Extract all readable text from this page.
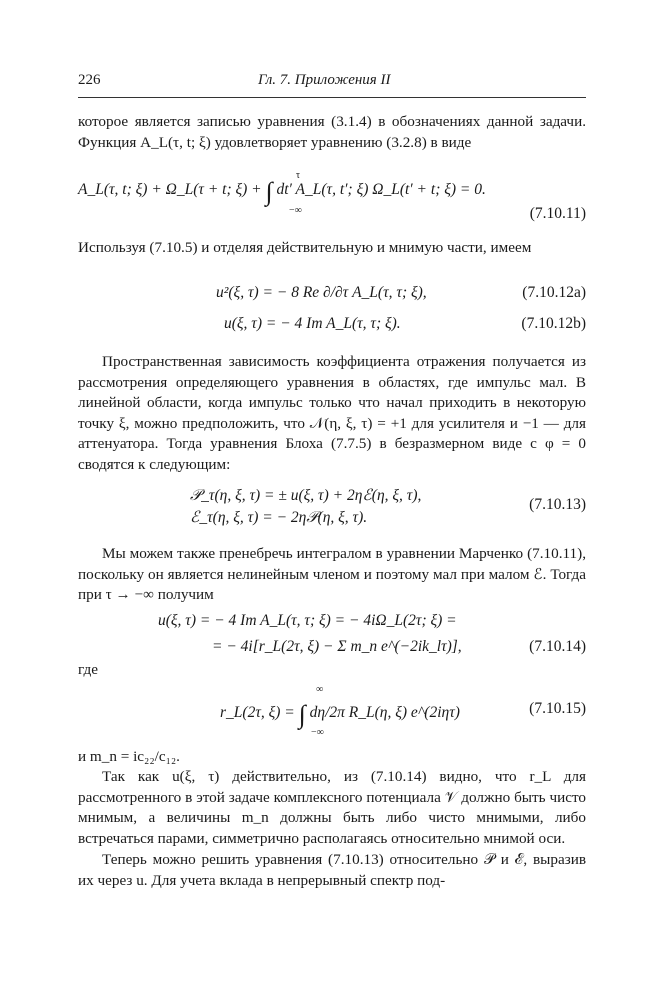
226	Гл. 7. Приложения II

которое является записью уравнения (3.1.4) в обозначениях данной задачи. Функция A_L(τ, t; ξ) удовлетворяет уравнению (3.2.8) в виде

A_L(τ, t; ξ) + Ω_L(τ + t; ξ) + ∫ dt′ A_L(τ, t′; ξ) Ω_L(t′ + t; ξ) = 0.
τ
−∞	(7.10.11)

Используя (7.10.5) и отделяя действительную и мнимую части, имеем

u²(ξ, τ) = − 8 Re ∂/∂τ A_L(τ, τ; ξ),	(7.10.12a)
u(ξ, τ) = − 4 Im A_L(τ, τ; ξ).	(7.10.12b)

Пространственная зависимость коэффициента отражения получается из рассмотрения определяющего уравнения в областях, где импульс мал. В линейной области, когда импульс только что начал приходить в некоторую точку ξ, можно предположить, что 𝒩(η, ξ, τ) = +1 для усилителя и −1 — для аттенуатора. Тогда уравнения Блоха (7.7.5) в безразмерном виде с φ = 0 сводятся к следующим:

𝒫_τ(η, ξ, τ) = ± u(ξ, τ) + 2ηℰ(η, ξ, τ),
ℰ_τ(η, ξ, τ) = − 2η𝒫(η, ξ, τ).
(7.10.13)

Мы можем также пренебречь интегралом в уравнении Марченко (7.10.11), поскольку он является нелинейным членом и поэтому мал при малом ℰ. Тогда при τ → −∞ получим

u(ξ, τ) = − 4 Im A_L(τ, τ; ξ) = − 4iΩ_L(2τ; ξ) =
= − 4i[r_L(2τ, ξ) − Σ m_n e^(−2ik_lτ)],	(7.10.14)

где

r_L(2τ, ξ) = ∫ dη/2π R_L(η, ξ) e^(2iητ)
∞
−∞
(7.10.15)

и m_n = ic₂₂/c₁₂.

Так как u(ξ, τ) действительно, из (7.10.14) видно, что r_L для рассмотренного в этой задаче комплексного потенциала 𝒱 должно быть чисто мнимым, а величины m_n должны быть либо чисто мнимыми, либо встречаться парами, симметрично располагаясь относительно мнимой оси.

Теперь можно решить уравнения (7.10.13) относительно 𝒫 и ℰ, выразив их через u. Для учета вклада в непрерывный спектр под-
